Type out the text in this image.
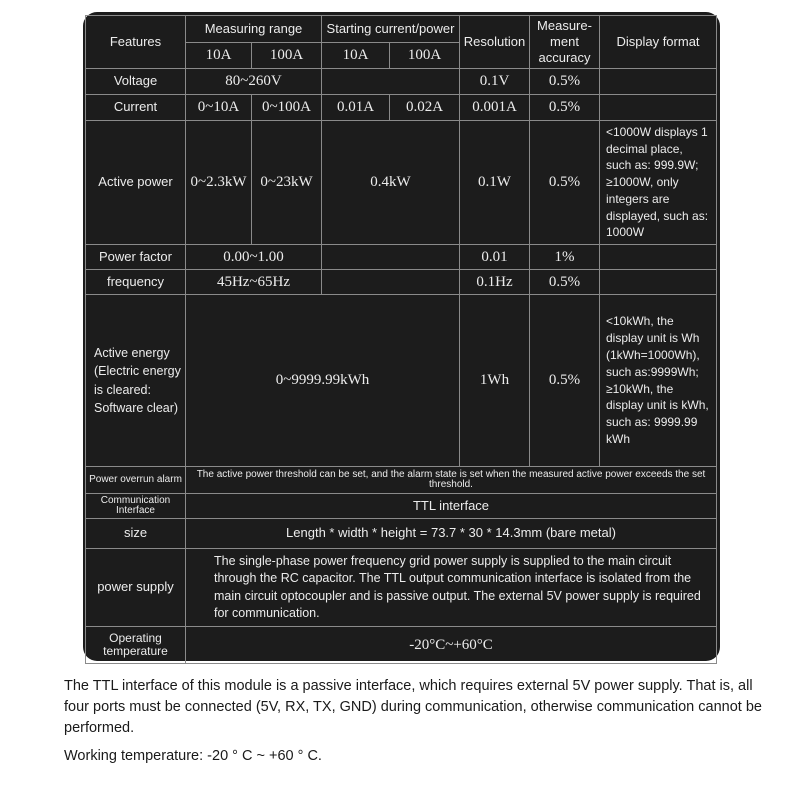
Features	Measuring range		Starting current/power		Resolution	Measure-ment accuracy	Display format
	10A	100A	10A	100A			
Voltage	80~260V				0.1V	0.5%	
Current	0~10A	0~100A	0.01A	0.02A	0.001A	0.5%	
Active power	0~2.3kW	0~23kW	0.4kW		0.1W	0.5%	<1000W displays 1 decimal place, such as: 999.9W; ≥1000W, only integers are displayed, such as: 1000W
Power factor	0.00~1.00				0.01	1%	
frequency	45Hz~65Hz				0.1Hz	0.5%	
Active energy (Electric energy is cleared: Software clear)	0~9999.99kWh				1Wh	0.5%	<10kWh, the display unit is Wh (1kWh=1000Wh), such as:9999Wh; ≥10kWh, the display unit is kWh, such as: 9999.99 kWh
Power overrun alarm	The active power threshold can be set, and the alarm state is set when the measured active power exceeds the set threshold.						
Communication Interface	TTL interface						
size	Length * width * height = 73.7 * 30 * 14.3mm (bare metal)						
power supply	The single-phase power frequency grid power supply is supplied to the main circuit through the RC capacitor. The TTL output communication interface is isolated from the main circuit optocoupler and is passive output. The external 5V power supply is required for communication.						
Operating temperature	-20°C~+60°C						

The TTL interface of this module is a passive interface, which requires external 5V power supply. That is, all four ports must be connected (5V, RX, TX, GND) during communication, otherwise communication cannot be performed.

Working temperature: -20 ° C ~ +60 ° C.
